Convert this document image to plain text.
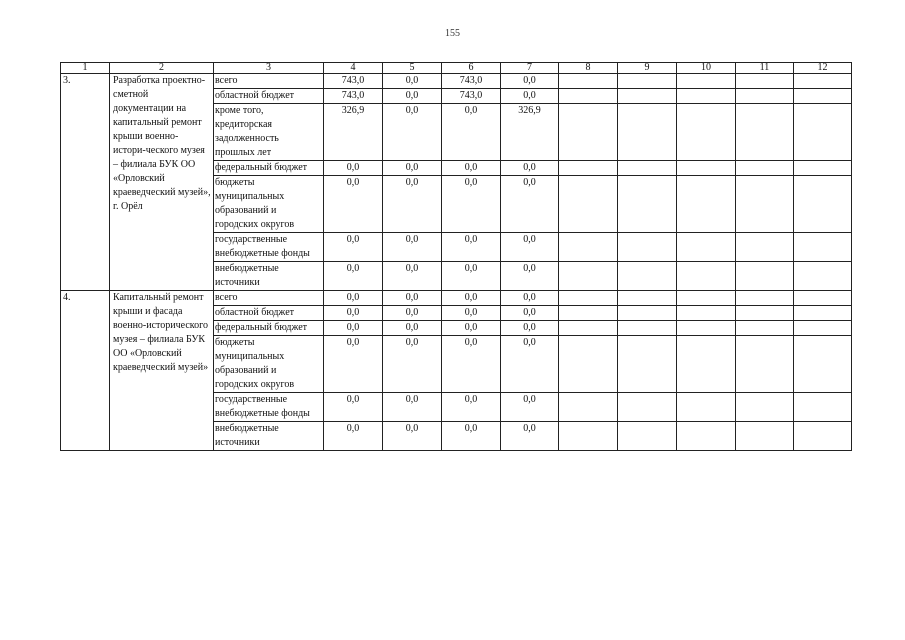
155
1	2	3	4	5	6	7	8	9	10	11	12
3.	Разработка проектно-сметной документации на капитальный ремонт крыши военно-истори-ческого музея – филиала БУК ОО «Орловский краеведческий музей», г. Орёл	всего	743,0	0,0	743,0	0,0					
		областной бюджет	743,0	0,0	743,0	0,0					
		кроме того, кредиторская задолженность прошлых лет	326,9	0,0	0,0	326,9					
		федеральный бюджет	0,0	0,0	0,0	0,0					
		бюджеты муниципальных образований и городских округов	0,0	0,0	0,0	0,0					
		государственные внебюджетные фонды	0,0	0,0	0,0	0,0					
		внебюджетные источники	0,0	0,0	0,0	0,0					
4.	Капитальный ремонт крыши и фасада военно-исторического музея – филиала БУК ОО «Орловский краеведческий музей»	всего	0,0	0,0	0,0	0,0					
		областной бюджет	0,0	0,0	0,0	0,0					
		федеральный бюджет	0,0	0,0	0,0	0,0					
		бюджеты муниципальных образований и городских округов	0,0	0,0	0,0	0,0					
		государственные внебюджетные фонды	0,0	0,0	0,0	0,0					
		внебюджетные источники	0,0	0,0	0,0	0,0					
